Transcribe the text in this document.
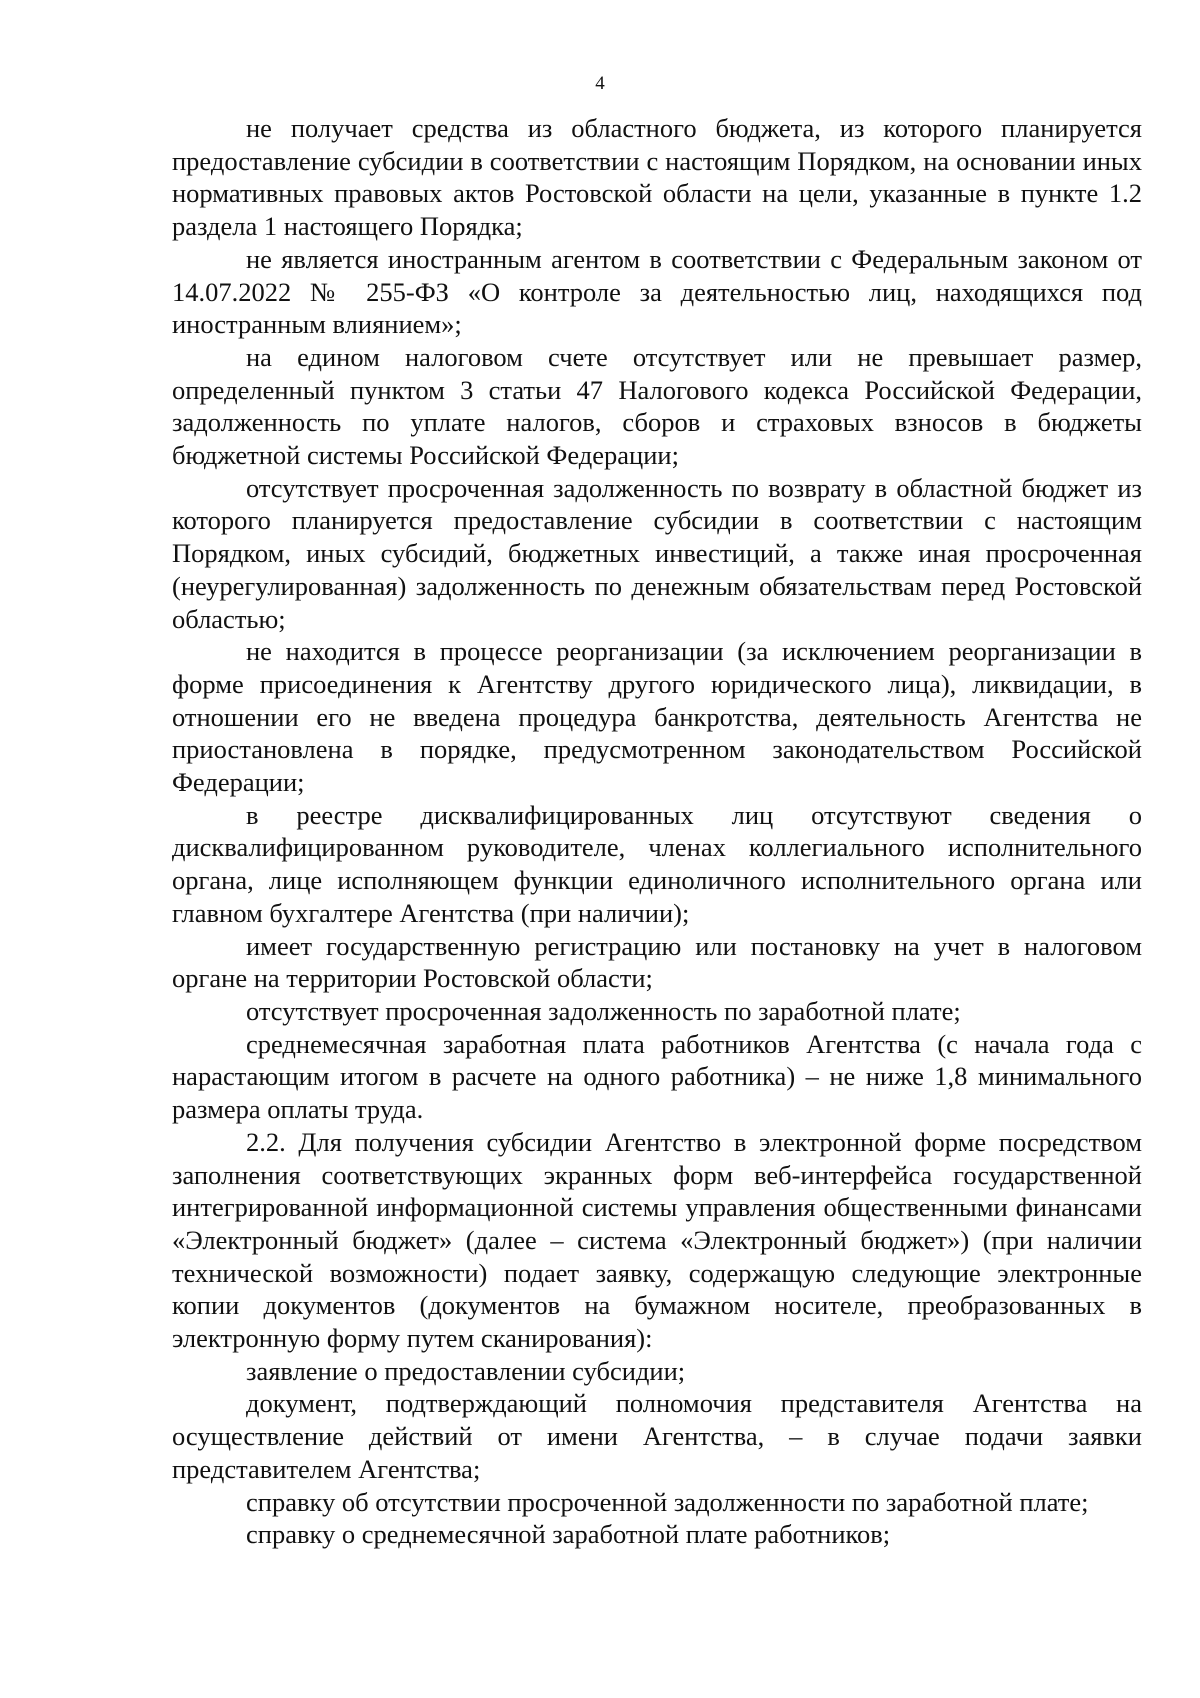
4

не получает средства из областного бюджета, из которого планируется предоставление субсидии в соответствии с настоящим Порядком, на основании иных нормативных правовых актов Ростовской области на цели, указанные в пункте 1.2 раздела 1 настоящего Порядка;

не является иностранным агентом в соответствии с Федеральным законом от 14.07.2022 № 255-ФЗ «О контроле за деятельностью лиц, находящихся под иностранным влиянием»;

на едином налоговом счете отсутствует или не превышает размер, определенный пунктом 3 статьи 47 Налогового кодекса Российской Федерации, задолженность по уплате налогов, сборов и страховых взносов в бюджеты бюджетной системы Российской Федерации;

отсутствует просроченная задолженность по возврату в областной бюджет из которого планируется предоставление субсидии в соответствии с настоящим Порядком, иных субсидий, бюджетных инвестиций, а также иная просроченная (неурегулированная) задолженность по денежным обязательствам перед Ростовской областью;

не находится в процессе реорганизации (за исключением реорганизации в форме присоединения к Агентству другого юридического лица), ликвидации, в отношении его не введена процедура банкротства, деятельность Агентства не приостановлена в порядке, предусмотренном законодательством Российской Федерации;

в реестре дисквалифицированных лиц отсутствуют сведения о дисквалифицированном руководителе, членах коллегиального исполнительного органа, лице исполняющем функции единоличного исполнительного органа или главном бухгалтере Агентства (при наличии);

имеет государственную регистрацию или постановку на учет в налоговом органе на территории Ростовской области;

отсутствует просроченная задолженность по заработной плате;

среднемесячная заработная плата работников Агентства (с начала года с нарастающим итогом в расчете на одного работника) – не ниже 1,8 минимального размера оплаты труда.

2.2. Для получения субсидии Агентство в электронной форме посредством заполнения соответствующих экранных форм веб-интерфейса государственной интегрированной информационной системы управления общественными финансами «Электронный бюджет» (далее – система «Электронный бюджет») (при наличии технической возможности) подает заявку, содержащую следующие электронные копии документов (документов на бумажном носителе, преобразованных в электронную форму путем сканирования):

заявление о предоставлении субсидии;

документ, подтверждающий полномочия представителя Агентства на осуществление действий от имени Агентства, – в случае подачи заявки представителем Агентства;

справку об отсутствии просроченной задолженности по заработной плате;

справку о среднемесячной заработной плате работников;
